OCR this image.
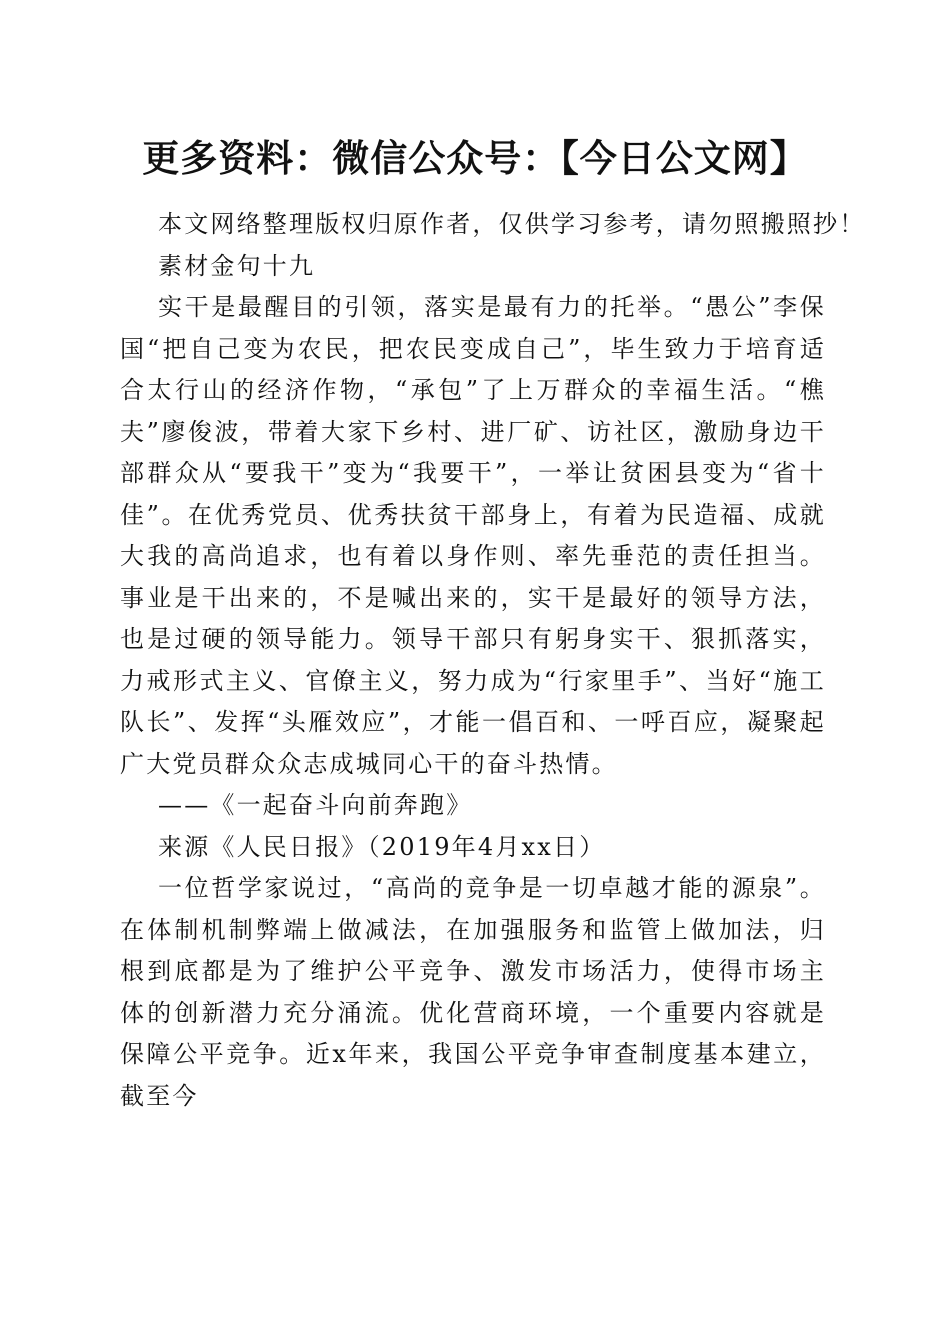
更多资料：微信公众号：【今日公文网】

本文网络整理版权归原作者，仅供学习参考，请勿照搬照抄！

素材金句十九

实干是最醒目的引领，落实是最有力的托举。“愚公”李保国“把自己变为农民，把农民变成自己”，毕生致力于培育适合太行山的经济作物，“承包”了上万群众的幸福生活。“樵夫”廖俊波，带着大家下乡村、进厂矿、访社区，激励身边干部群众从“要我干”变为“我要干”，一举让贫困县变为“省十佳”。在优秀党员、优秀扶贫干部身上，有着为民造福、成就大我的高尚追求，也有着以身作则、率先垂范的责任担当。事业是干出来的，不是喊出来的，实干是最好的领导方法，也是过硬的领导能力。领导干部只有躬身实干、狠抓落实，力戒形式主义、官僚主义，努力成为“行家里手”、当好“施工队长”、发挥“头雁效应”，才能一倡百和、一呼百应，凝聚起广大党员群众众志成城同心干的奋斗热情。

——《一起奋斗向前奔跑》

来源《人民日报》（2019年4月xx日）

一位哲学家说过，“高尚的竞争是一切卓越才能的源泉”。在体制机制弊端上做减法，在加强服务和监管上做加法，归根到底都是为了维护公平竞争、激发市场活力，使得市场主体的创新潜力充分涌流。优化营商环境，一个重要内容就是保障公平竞争。近x年来，我国公平竞争审查制度基本建立，截至今
